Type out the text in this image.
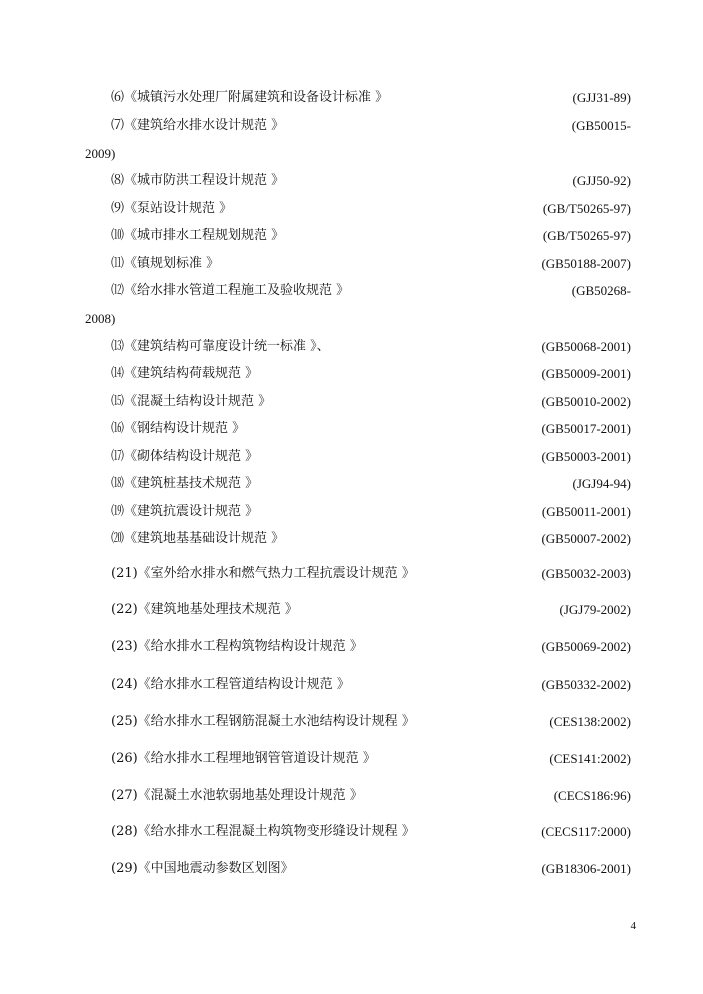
⑹《城镇污水处理厂附属建筑和设备设计标准 》	(GJJ31-89)
⑺《建筑给水排水设计规范 》	(GB50015-
2009)
⑻《城市防洪工程设计规范 》	(GJJ50-92)
⑼《泵站设计规范 》	(GB/T50265-97)
⑽《城市排水工程规划规范 》	(GB/T50265-97)
⑾《镇规划标准 》	(GB50188-2007)
⑿《给水排水管道工程施工及验收规范 》	(GB50268-
2008)
⒀《建筑结构可靠度设计统一标准 》、	(GB50068-2001)
⒁《建筑结构荷载规范 》	(GB50009-2001)
⒂《混凝土结构设计规范 》	(GB50010-2002)
⒃《钢结构设计规范 》	(GB50017-2001)
⒄《砌体结构设计规范 》	(GB50003-2001)
⒅《建筑桩基技术规范 》	(JGJ94-94)
⒆《建筑抗震设计规范 》	(GB50011-2001)
⒇《建筑地基基础设计规范 》	(GB50007-2002)
(21)《室外给水排水和燃气热力工程抗震设计规范 》	(GB50032-2003)
(22)《建筑地基处理技术规范 》	(JGJ79-2002)
(23)《给水排水工程构筑物结构设计规范 》	(GB50069-2002)
(24)《给水排水工程管道结构设计规范 》	(GB50332-2002)
(25)《给水排水工程钢筋混凝土水池结构设计规程 》	(CES138:2002)
(26)《给水排水工程埋地钢管管道设计规范 》	(CES141:2002)
(27)《混凝土水池软弱地基处理设计规范 》	(CECS186:96)
(28)《给水排水工程混凝土构筑物变形缝设计规程 》	(CECS117:2000)
(29)《中国地震动参数区划图》	(GB18306-2001)
4
